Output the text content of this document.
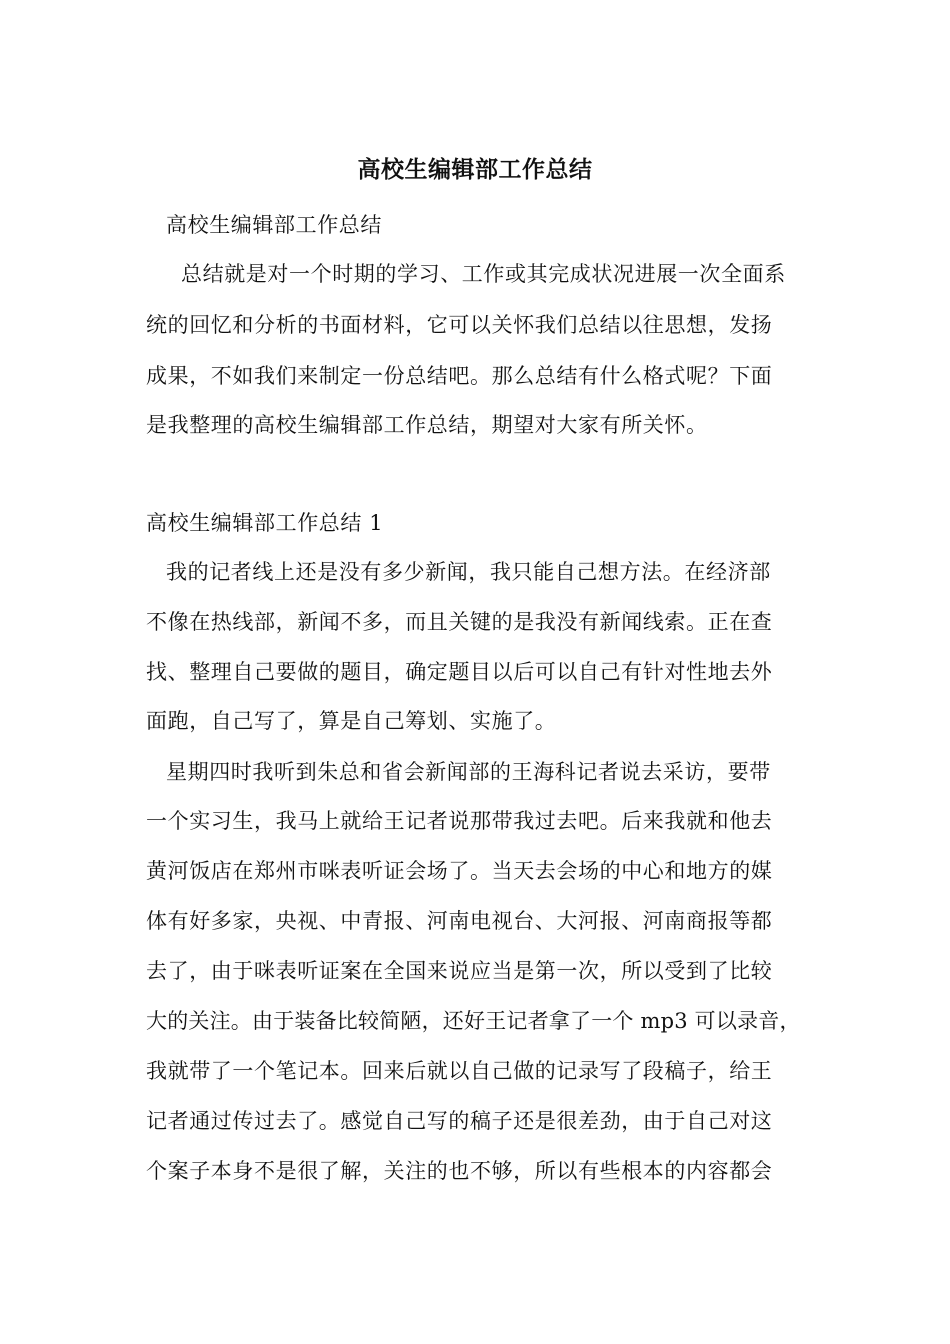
高校生编辑部工作总结
高校生编辑部工作总结
总结就是对一个时期的学习、工作或其完成状况进展一次全面系
统的回忆和分析的书面材料，它可以关怀我们总结以往思想，发扬
成果，不如我们来制定一份总结吧。那么总结有什么格式呢？下面
是我整理的高校生编辑部工作总结，期望对大家有所关怀。
高校生编辑部工作总结 1
我的记者线上还是没有多少新闻，我只能自己想方法。在经济部
不像在热线部，新闻不多，而且关键的是我没有新闻线索。正在查
找、整理自己要做的题目，确定题目以后可以自己有针对性地去外
面跑，自己写了，算是自己筹划、实施了。
星期四时我听到朱总和省会新闻部的王海科记者说去采访，要带
一个实习生，我马上就给王记者说那带我过去吧。后来我就和他去
黄河饭店在郑州市咪表听证会场了。当天去会场的中心和地方的媒
体有好多家，央视、中青报、河南电视台、大河报、河南商报等都
去了，由于咪表听证案在全国来说应当是第一次，所以受到了比较
大的关注。由于装备比较简陋，还好王记者拿了一个 mp3 可以录音，
我就带了一个笔记本。回来后就以自己做的记录写了段稿子，给王
记者通过传过去了。感觉自己写的稿子还是很差劲，由于自己对这
个案子本身不是很了解，关注的也不够，所以有些根本的内容都会
